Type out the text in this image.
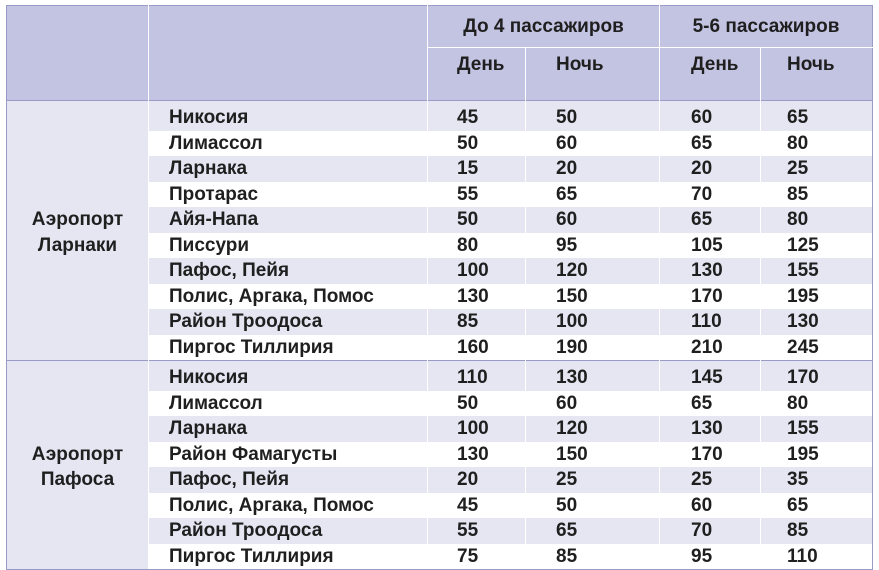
		До 4 пассажиров		5-6 пассажиров	
		День	Ночь	День	Ночь

Аэропорт
Ларнаки	Никосия	45	50	60	65
	Лимассол	50	60	65	80
	Ларнака	15	20	20	25
	Протарас	55	65	70	85
	Айя-Напа	50	60	65	80
	Писсури	80	95	105	125
	Пафос, Пейя	100	120	130	155
	Полис, Аргака, Помос	130	150	170	195
	Район Троодоса	85	100	110	130
	Пиргос Тиллирия	160	190	210	245

Аэропорт
Пафоса	Никосия	110	130	145	170
	Лимассол	50	60	65	80
	Ларнака	100	120	130	155
	Район Фамагусты	130	150	170	195
	Пафос, Пейя	20	25	25	35
	Полис, Аргака, Помос	45	50	60	65
	Район Троодоса	55	65	70	85
	Пиргос Тиллирия	75	85	95	110
